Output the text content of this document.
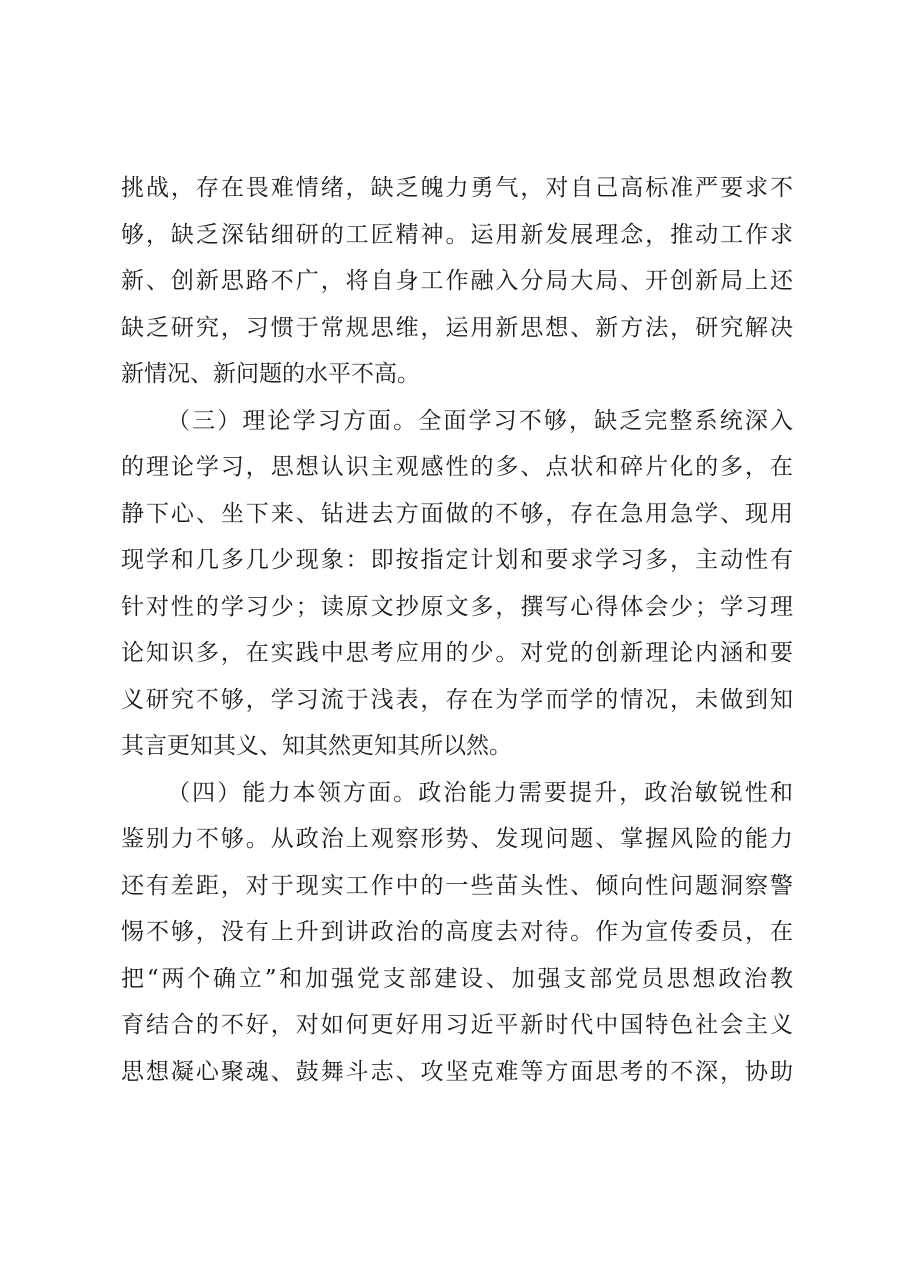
挑战，存在畏难情绪，缺乏魄力勇气，对自己高标准严要求不
够，缺乏深钻细研的工匠精神。运用新发展理念，推动工作求
新、创新思路不广，将自身工作融入分局大局、开创新局上还
缺乏研究，习惯于常规思维，运用新思想、新方法，研究解决
新情况、新问题的水平不高。
（三）理论学习方面。全面学习不够，缺乏完整系统深入
的理论学习，思想认识主观感性的多、点状和碎片化的多，在
静下心、坐下来、钻进去方面做的不够，存在急用急学、现用
现学和几多几少现象：即按指定计划和要求学习多，主动性有
针对性的学习少；读原文抄原文多，撰写心得体会少；学习理
论知识多，在实践中思考应用的少。对党的创新理论内涵和要
义研究不够，学习流于浅表，存在为学而学的情况，未做到知
其言更知其义、知其然更知其所以然。
（四）能力本领方面。政治能力需要提升，政治敏锐性和
鉴别力不够。从政治上观察形势、发现问题、掌握风险的能力
还有差距，对于现实工作中的一些苗头性、倾向性问题洞察警
惕不够，没有上升到讲政治的高度去对待。作为宣传委员，在
把“两个确立”和加强党支部建设、加强支部党员思想政治教
育结合的不好，对如何更好用习近平新时代中国特色社会主义
思想凝心聚魂、鼓舞斗志、攻坚克难等方面思考的不深，协助
